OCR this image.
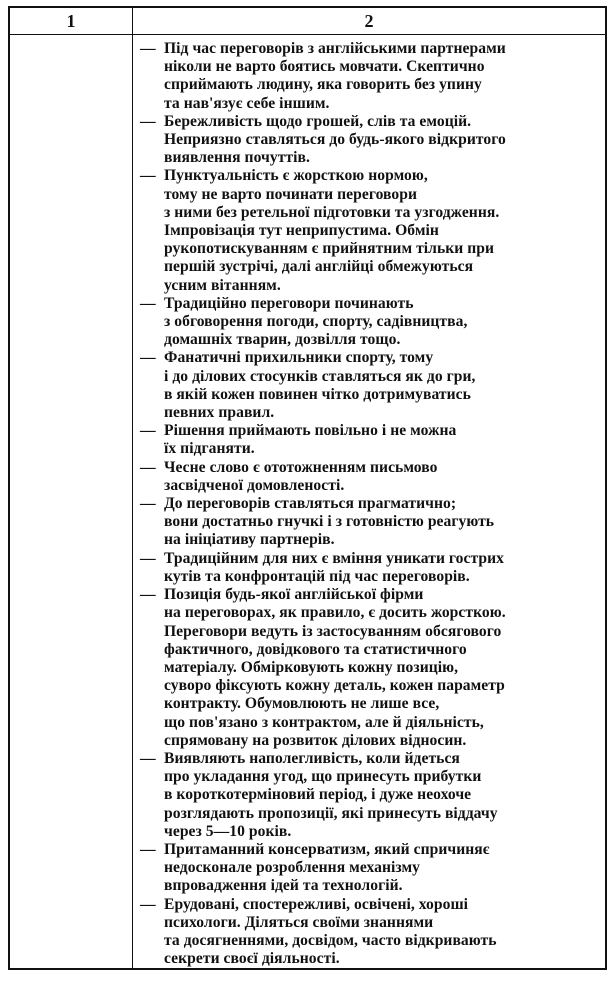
1	2
— Під час переговорів з англійськими партнерами
ніколи не варто боятись мовчати. Скептично
сприймають людину, яка говорить без упину
та нав'язує себе іншим.
— Бережливість щодо грошей, слів та емоцій.
Неприязно ставляться до будь-якого відкритого
виявлення почуттів.
— Пунктуальність є жорсткою нормою,
тому не варто починати переговори
з ними без ретельної підготовки та узгодження.
Імпровізація тут неприпустима. Обмін
рукопотискуванням є прийнятним тільки при
першій зустрічі, далі англійці обмежуються
усним вітанням.
— Традиційно переговори починають
з обговорення погоди, спорту, садівництва,
домашніх тварин, дозвілля тощо.
— Фанатичні прихильники спорту, тому
і до ділових стосунків ставляться як до гри,
в якій кожен повинен чітко дотримуватись
певних правил.
— Рішення приймають повільно і не можна
їх підганяти.
— Чесне слово є ототожненням письмово
засвідченої домовленості.
— До переговорів ставляться прагматично;
вони достатньо гнучкі і з готовністю реагують
на ініціативу партнерів.
— Традиційним для них є вміння уникати гострих
кутів та конфронтацій під час переговорів.
— Позиція будь-якої англійської фірми
на переговорах, як правило, є досить жорсткою.
Переговори ведуть із застосуванням обсягового
фактичного, довідкового та статистичного
матеріалу. Обмірковують кожну позицію,
суворо фіксують кожну деталь, кожен параметр
контракту. Обумовлюють не лише все,
що пов'язано з контрактом, але й діяльність,
спрямовану на розвиток ділових відносин.
— Виявляють наполегливість, коли йдеться
про укладання угод, що принесуть прибутки
в короткотерміновий період, і дуже неохоче
розглядають пропозиції, які принесуть віддачу
через 5—10 років.
— Притаманний консерватизм, який спричиняє
недосконале розроблення механізму
впровадження ідей та технологій.
— Ерудовані, спостережливі, освічені, хороші
психологи. Діляться своїми знаннями
та досягненнями, досвідом, часто відкривають
секрети своєї діяльності.
